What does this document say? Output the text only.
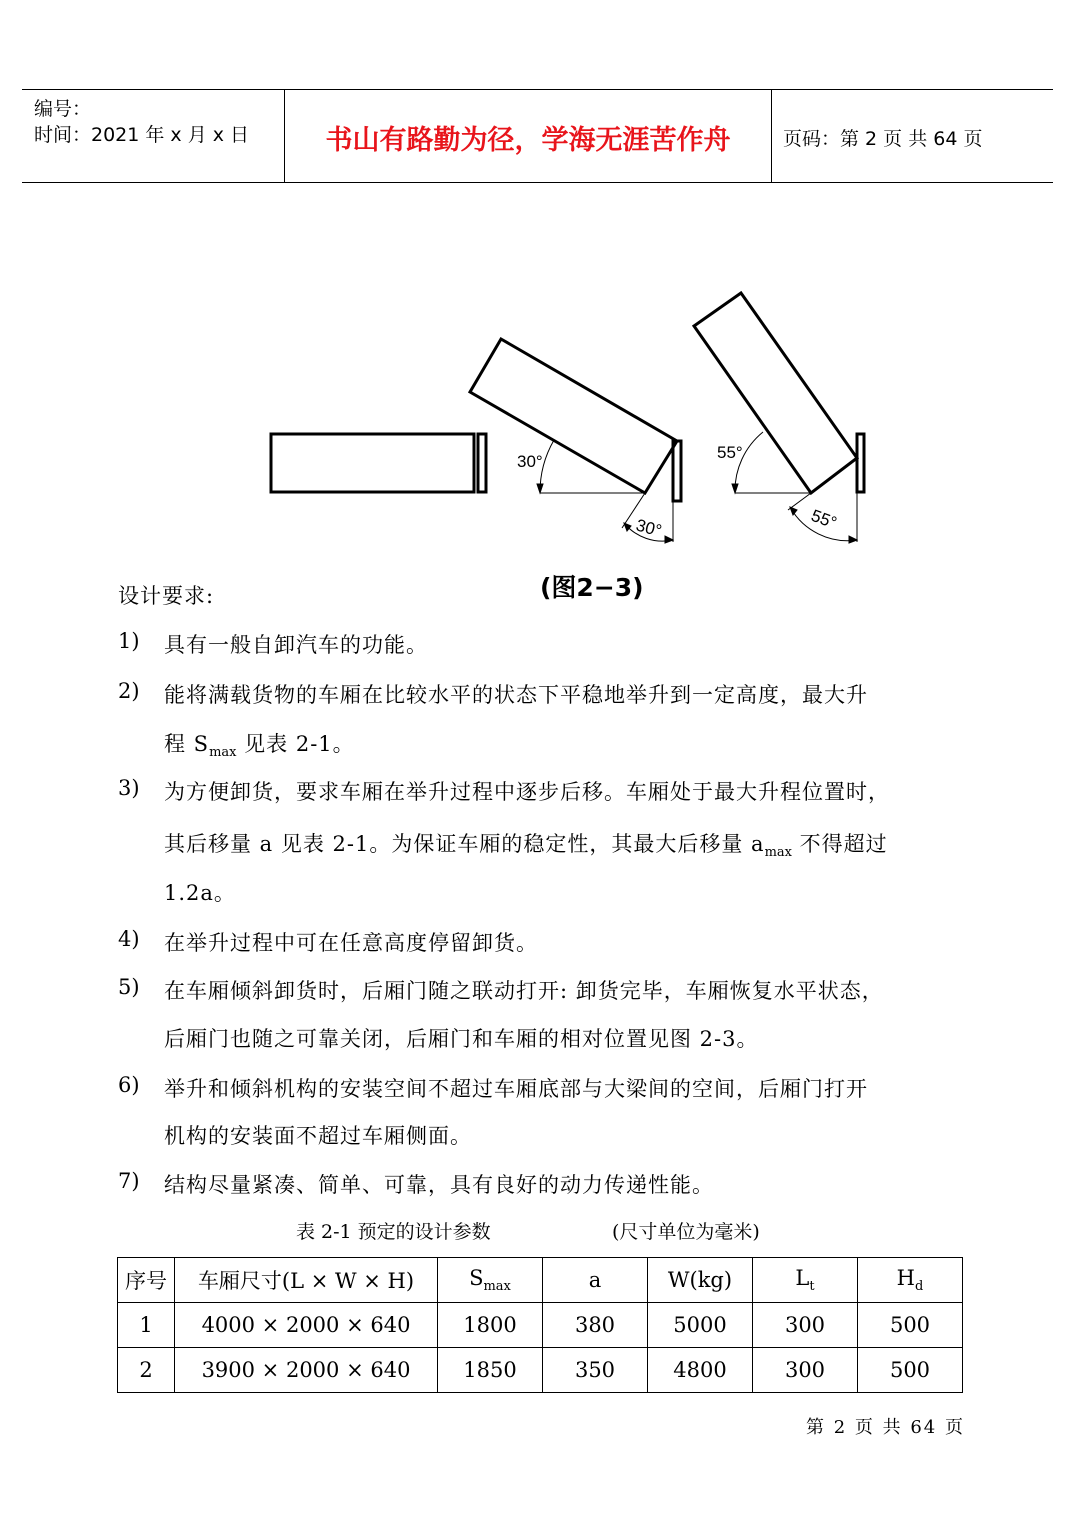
编号：
时间：2021 年 x 月 x 日	书山有路勤为径，学海无涯苦作舟	页码：第 2 页 共 64 页
30°
30°
55°
55°
(图2−3)
设计要求:
1) 具有一般自卸汽车的功能。
2) 能将满载货物的车厢在比较水平的状态下平稳地举升到一定高度，最大升
程 $S_{max}$ 见表 2-1。
3) 为方便卸货，要求车厢在举升过程中逐步后移。车厢处于最大升程位置时，
其后移量 a 见表 2-1。为保证车厢的稳定性，其最大后移量 $a_{max}$ 不得超过
1.2a。
4) 在举升过程中可在任意高度停留卸货。
5) 在车厢倾斜卸货时，后厢门随之联动打开: 卸货完毕，车厢恢复水平状态，
后厢门也随之可靠关闭，后厢门和车厢的相对位置见图 2-3。
6) 举升和倾斜机构的安装空间不超过车厢底部与大梁间的空间，后厢门打开
机构的安装面不超过车厢侧面。
7) 结构尽量紧凑、简单、可靠，具有良好的动力传递性能。
表 2-1 预定的设计参数	(尺寸单位为毫米)
序号	车厢尺寸(L × W × H)	$S_{max}$	a	W(kg)	$L_t$	$H_d$
1	4000 × 2000 × 640	1800	380	5000	300	500
2	3900 × 2000 × 640	1850	350	4800	300	500
第 2 页 共 64 页
